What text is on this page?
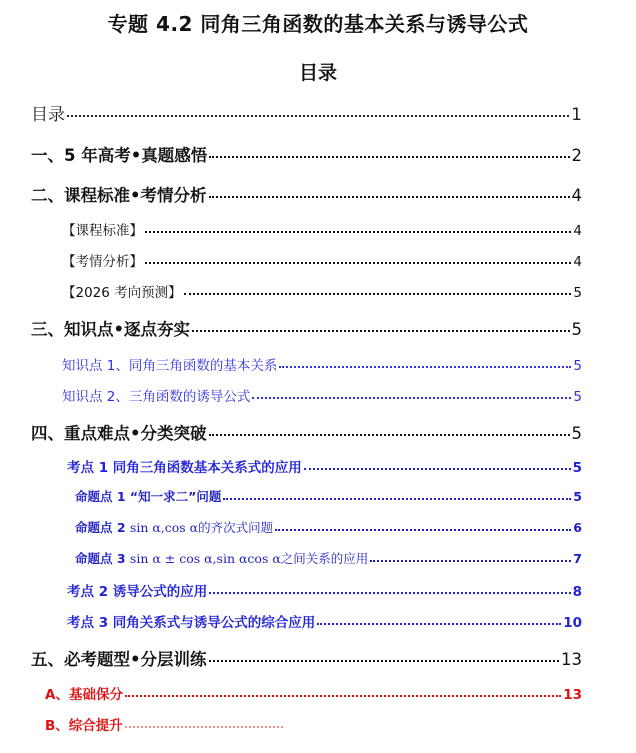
专题 4.2 同角三角函数的基本关系与诱导公式
目录
目录	1
一、5 年高考•真题感悟	2
二、课程标准•考情分析	4
【课程标准】	4
【考情分析】	4
【2026 考向预测】	5
三、知识点•逐点夯实	5
知识点 1、同角三角函数的基本关系	5
知识点 2、三角函数的诱导公式	5
四、重点难点•分类突破	5
考点 1 同角三角函数基本关系式的应用	5
命题点 1 “知一求二”问题	5
命题点 2 sin α,cos α的齐次式问题	6
命题点 3 sin α ± cos α,sin αcos α之间关系的应用	7
考点 2 诱导公式的应用	8
考点 3 同角关系式与诱导公式的综合应用	10
五、必考题型•分层训练	13
A、基础保分	13
B、综合提升
